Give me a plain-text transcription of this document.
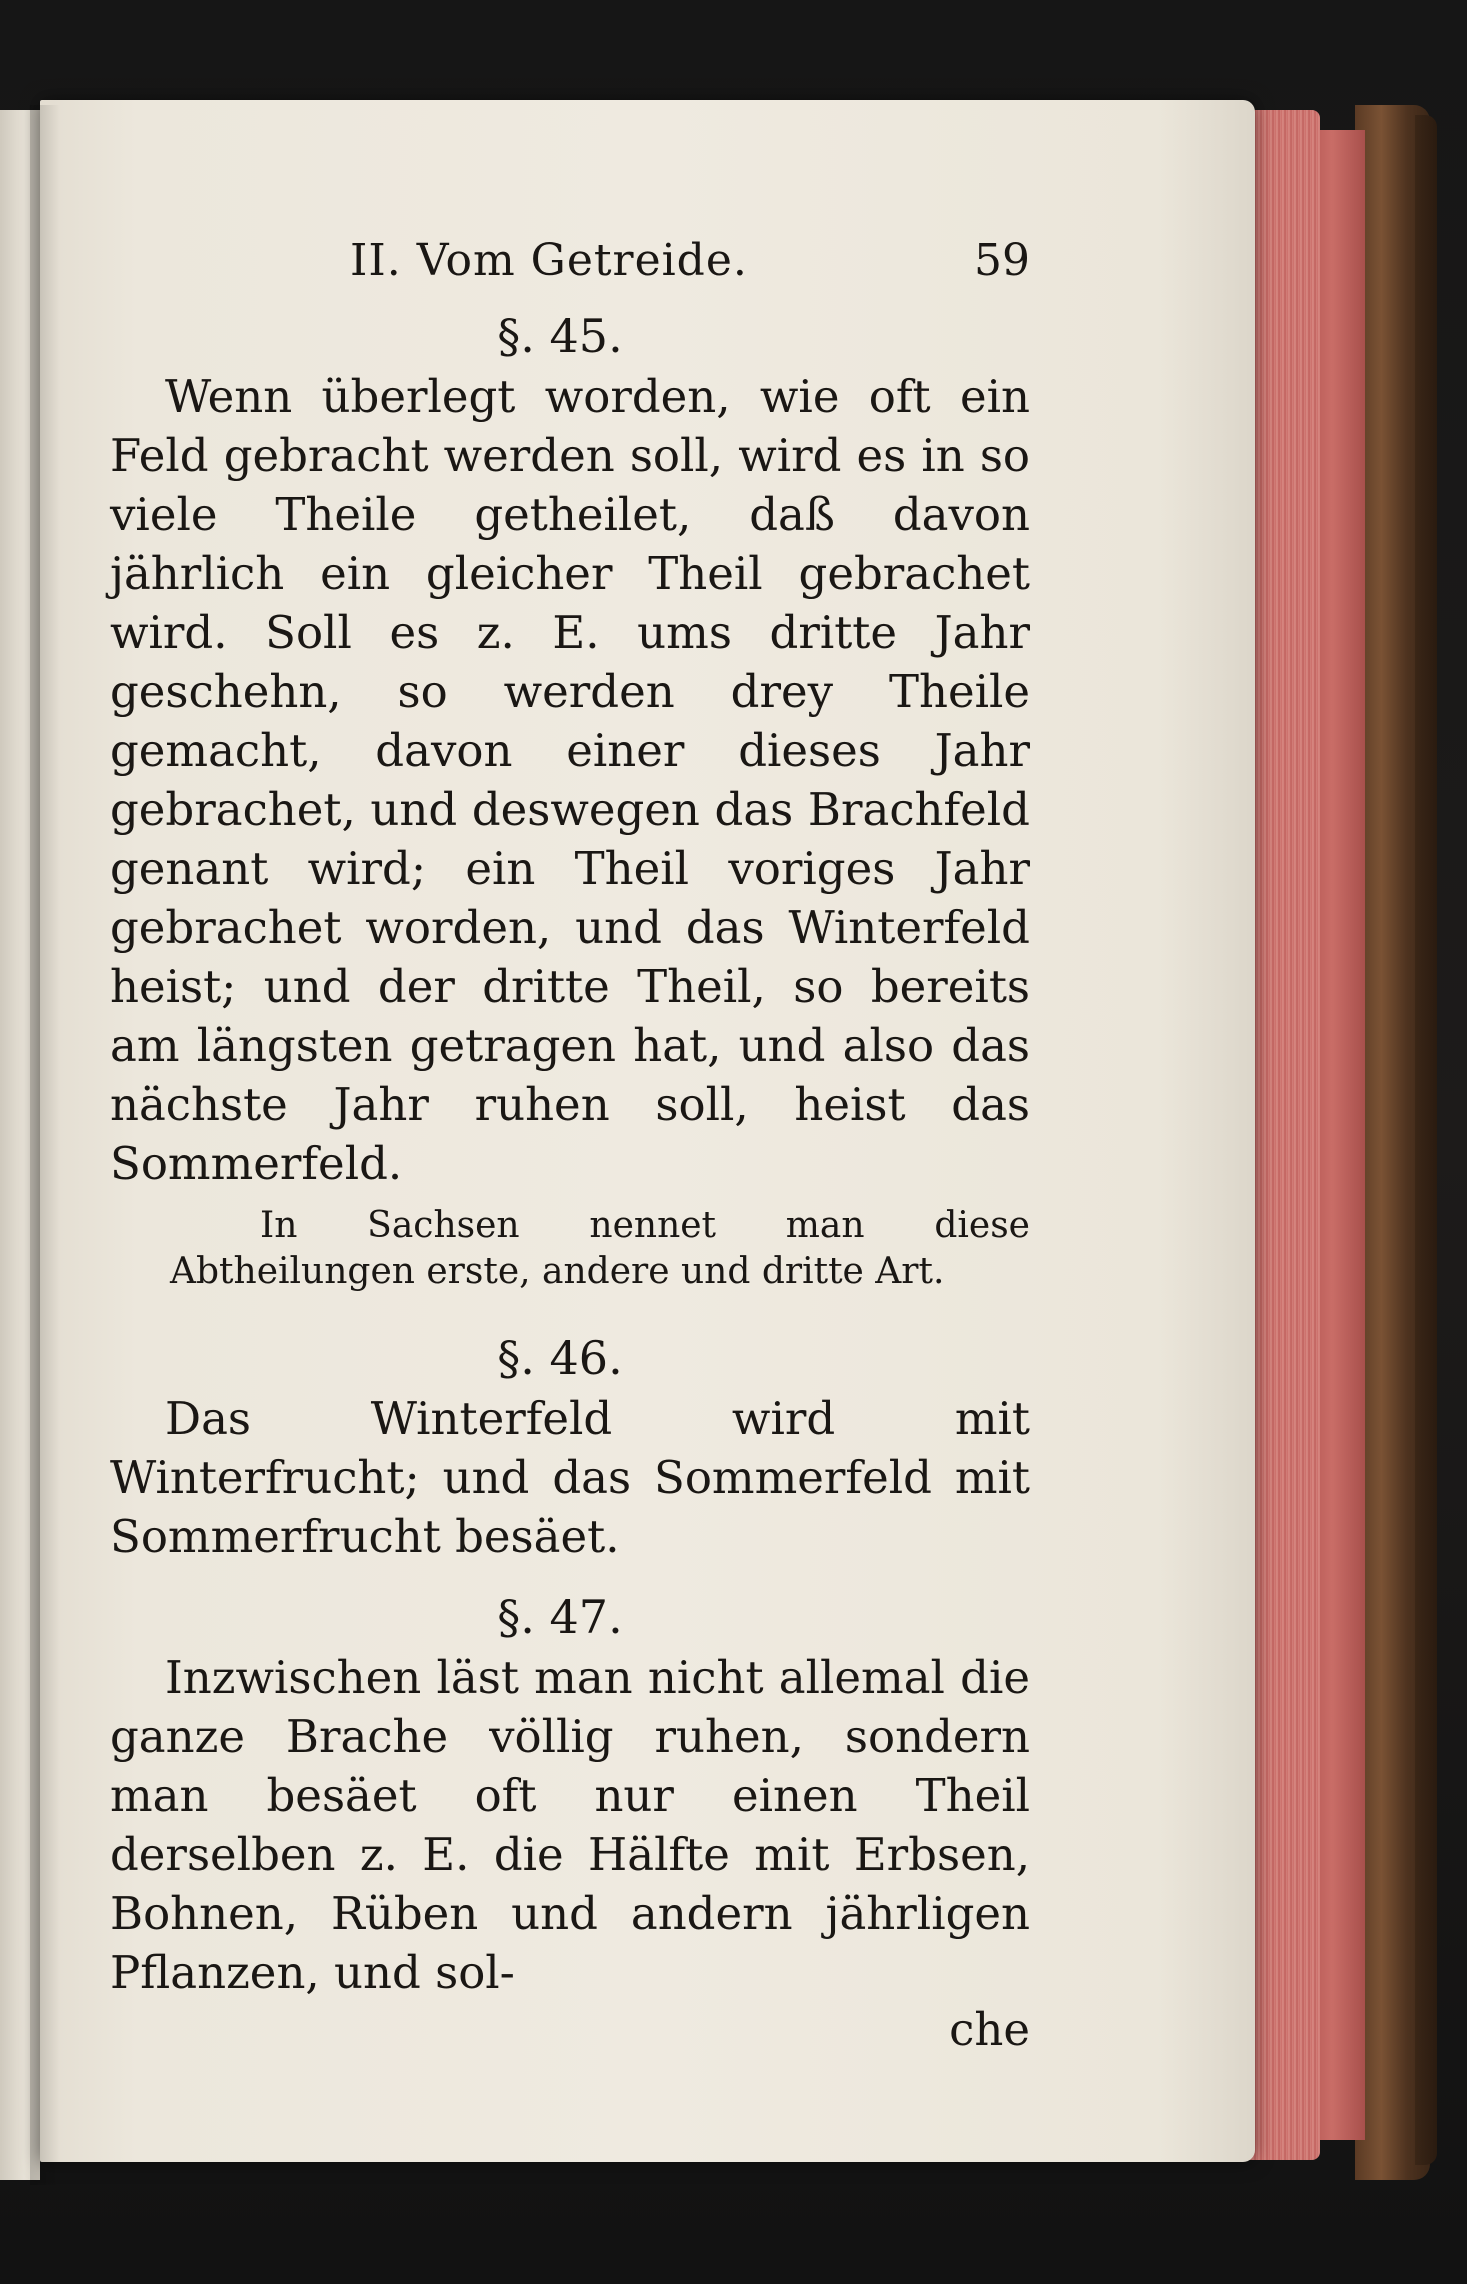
II. Vom Getreide.	59

§. 45.

Wenn überlegt worden, wie oft ein Feld gebracht werden soll, wird es in so viele Theile getheilet, daß davon jährlich ein gleicher Theil gebrachet wird. Soll es z. E. ums dritte Jahr geschehn, so werden drey Theile gemacht, davon einer dieses Jahr gebrachet, und deswegen das Brachfeld genant wird; ein Theil voriges Jahr gebrachet worden, und das Winterfeld heist; und der dritte Theil, so bereits am längsten getragen hat, und also das nächste Jahr ruhen soll, heist das Sommerfeld.

In Sachsen nennet man diese Abtheilungen erste, andere und dritte Art.

§. 46.

Das Winterfeld wird mit Winterfrucht; und das Sommerfeld mit Sommerfrucht besäet.

§. 47.

Inzwischen läst man nicht allemal die ganze Brache völlig ruhen, sondern man besäet oft nur einen Theil derselben z. E. die Hälfte mit Erbsen, Bohnen, Rüben und andern jährligen Pflanzen, und sol-

che
